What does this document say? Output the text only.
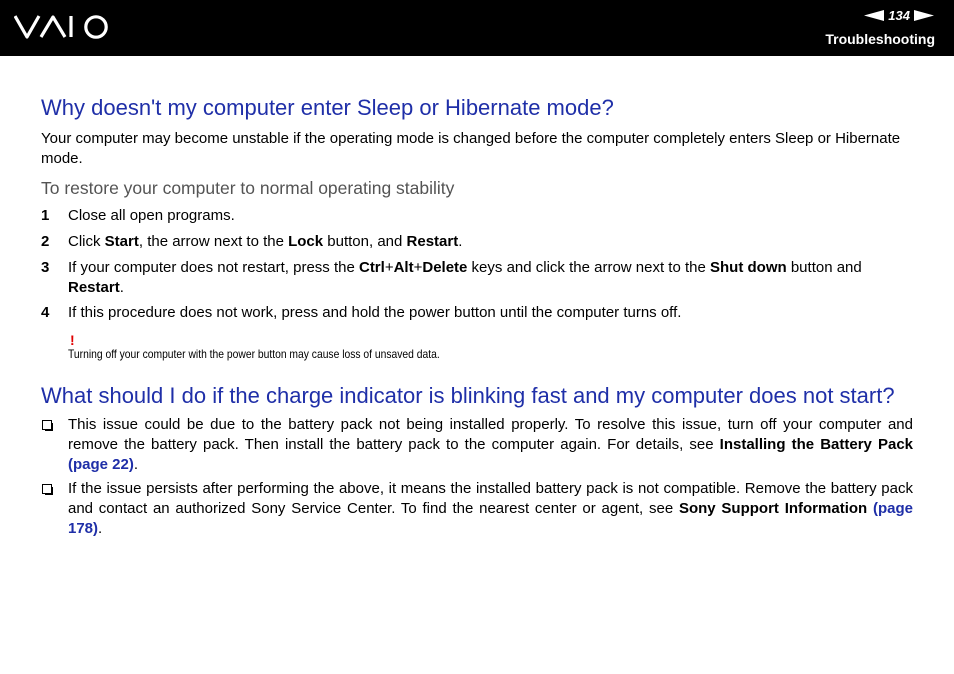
134
Troubleshooting
Why doesn't my computer enter Sleep or Hibernate mode?

Your computer may become unstable if the operating mode is changed before the computer completely enters Sleep or Hibernate mode.

To restore your computer to normal operating stability
1 Close all open programs.
2 Click Start, the arrow next to the Lock button, and Restart.
3 If your computer does not restart, press the Ctrl+Alt+Delete keys and click the arrow next to the Shut down button and Restart.
4 If this procedure does not work, press and hold the power button until the computer turns off.
!
Turning off your computer with the power button may cause loss of unsaved data.
What should I do if the charge indicator is blinking fast and my computer does not start?
This issue could be due to the battery pack not being installed properly. To resolve this issue, turn off your computer and remove the battery pack. Then install the battery pack to the computer again. For details, see Installing the Battery Pack (page 22).
If the issue persists after performing the above, it means the installed battery pack is not compatible. Remove the battery pack and contact an authorized Sony Service Center. To find the nearest center or agent, see Sony Support Information (page 178).
